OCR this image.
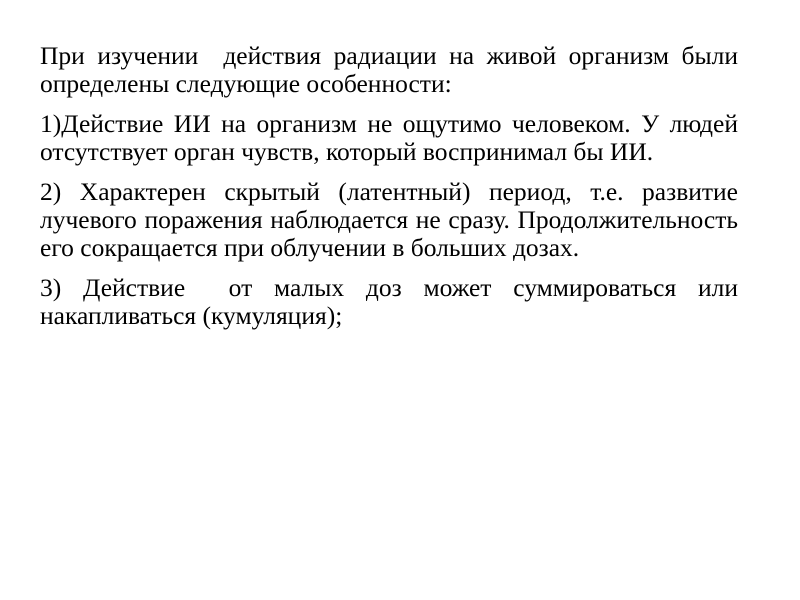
При изучении  действия радиации на живой организм были определены следующие особенности:

1)Действие ИИ на организм не ощутимо человеком. У людей отсутствует орган чувств, который воспринимал бы ИИ.

2) Характерен скрытый (латентный) период, т.е. развитие лучевого поражения наблюдается не сразу. Продолжительность его сокращается при облучении в больших дозах.

3) Действие  от малых доз может суммироваться или накапливаться (кумуляция);
